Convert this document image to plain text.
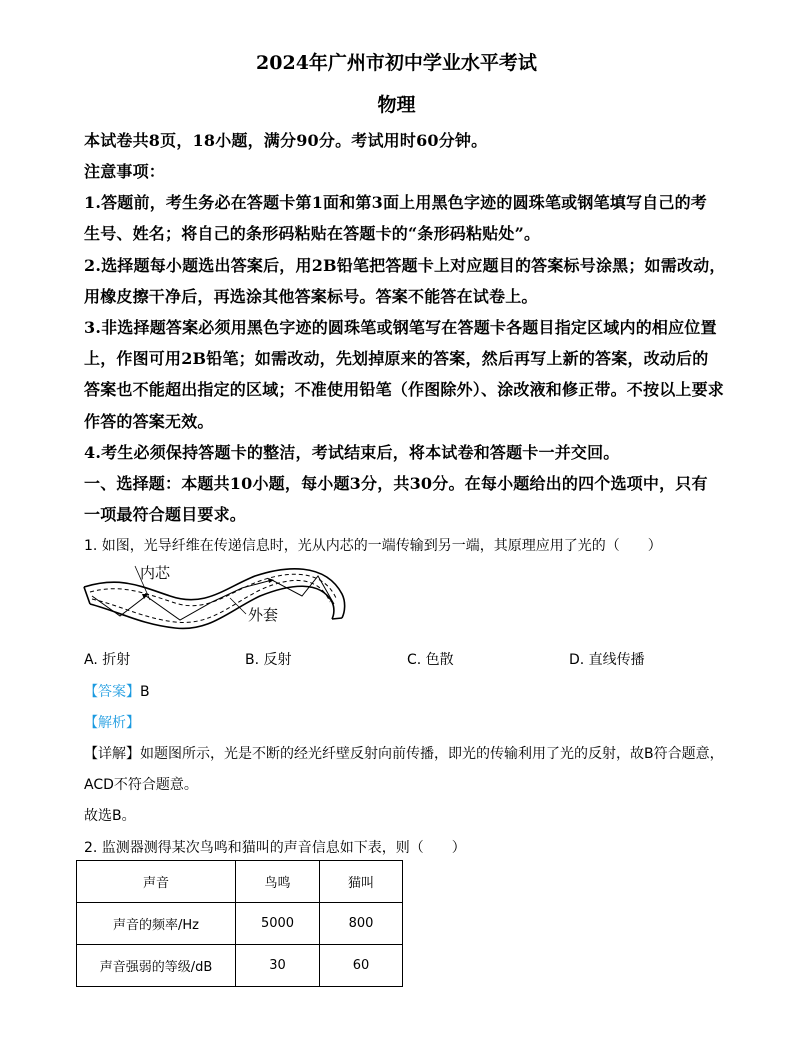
2024年广州市初中学业水平考试
物理
本试卷共8页，18小题，满分90分。考试用时60分钟。
注意事项：
1.答题前，考生务必在答题卡第1面和第3面上用黑色字迹的圆珠笔或钢笔填写自己的考
生号、姓名；将自己的条形码粘贴在答题卡的“条形码粘贴处”。
2.选择题每小题选出答案后，用2B铅笔把答题卡上对应题目的答案标号涂黑；如需改动，
用橡皮擦干净后，再选涂其他答案标号。答案不能答在试卷上。
3.非选择题答案必须用黑色字迹的圆珠笔或钢笔写在答题卡各题目指定区域内的相应位置
上，作图可用2B铅笔；如需改动，先划掉原来的答案，然后再写上新的答案，改动后的
答案也不能超出指定的区域；不准使用铅笔（作图除外）、涂改液和修正带。不按以上要求
作答的答案无效。
4.考生必须保持答题卡的整洁，考试结束后，将本试卷和答题卡一并交回。
一、选择题：本题共10小题，每小题3分，共30分。在每小题给出的四个选项中，只有
一项最符合题目要求。
1. 如图，光导纤维在传递信息时，光从内芯的一端传输到另一端，其原理应用了光的（　　）
内芯
外套
A. 折射	B. 反射	C. 色散	D. 直线传播
【答案】B
【解析】
【详解】如题图所示，光是不断的经光纤壁反射向前传播，即光的传输利用了光的反射，故B符合题意，
ACD不符合题意。
故选B。
2. 监测器测得某次鸟鸣和猫叫的声音信息如下表，则（　　）
声音	鸟鸣	猫叫
声音的频率/Hz	5000	800
声音强弱的等级/dB	30	60
